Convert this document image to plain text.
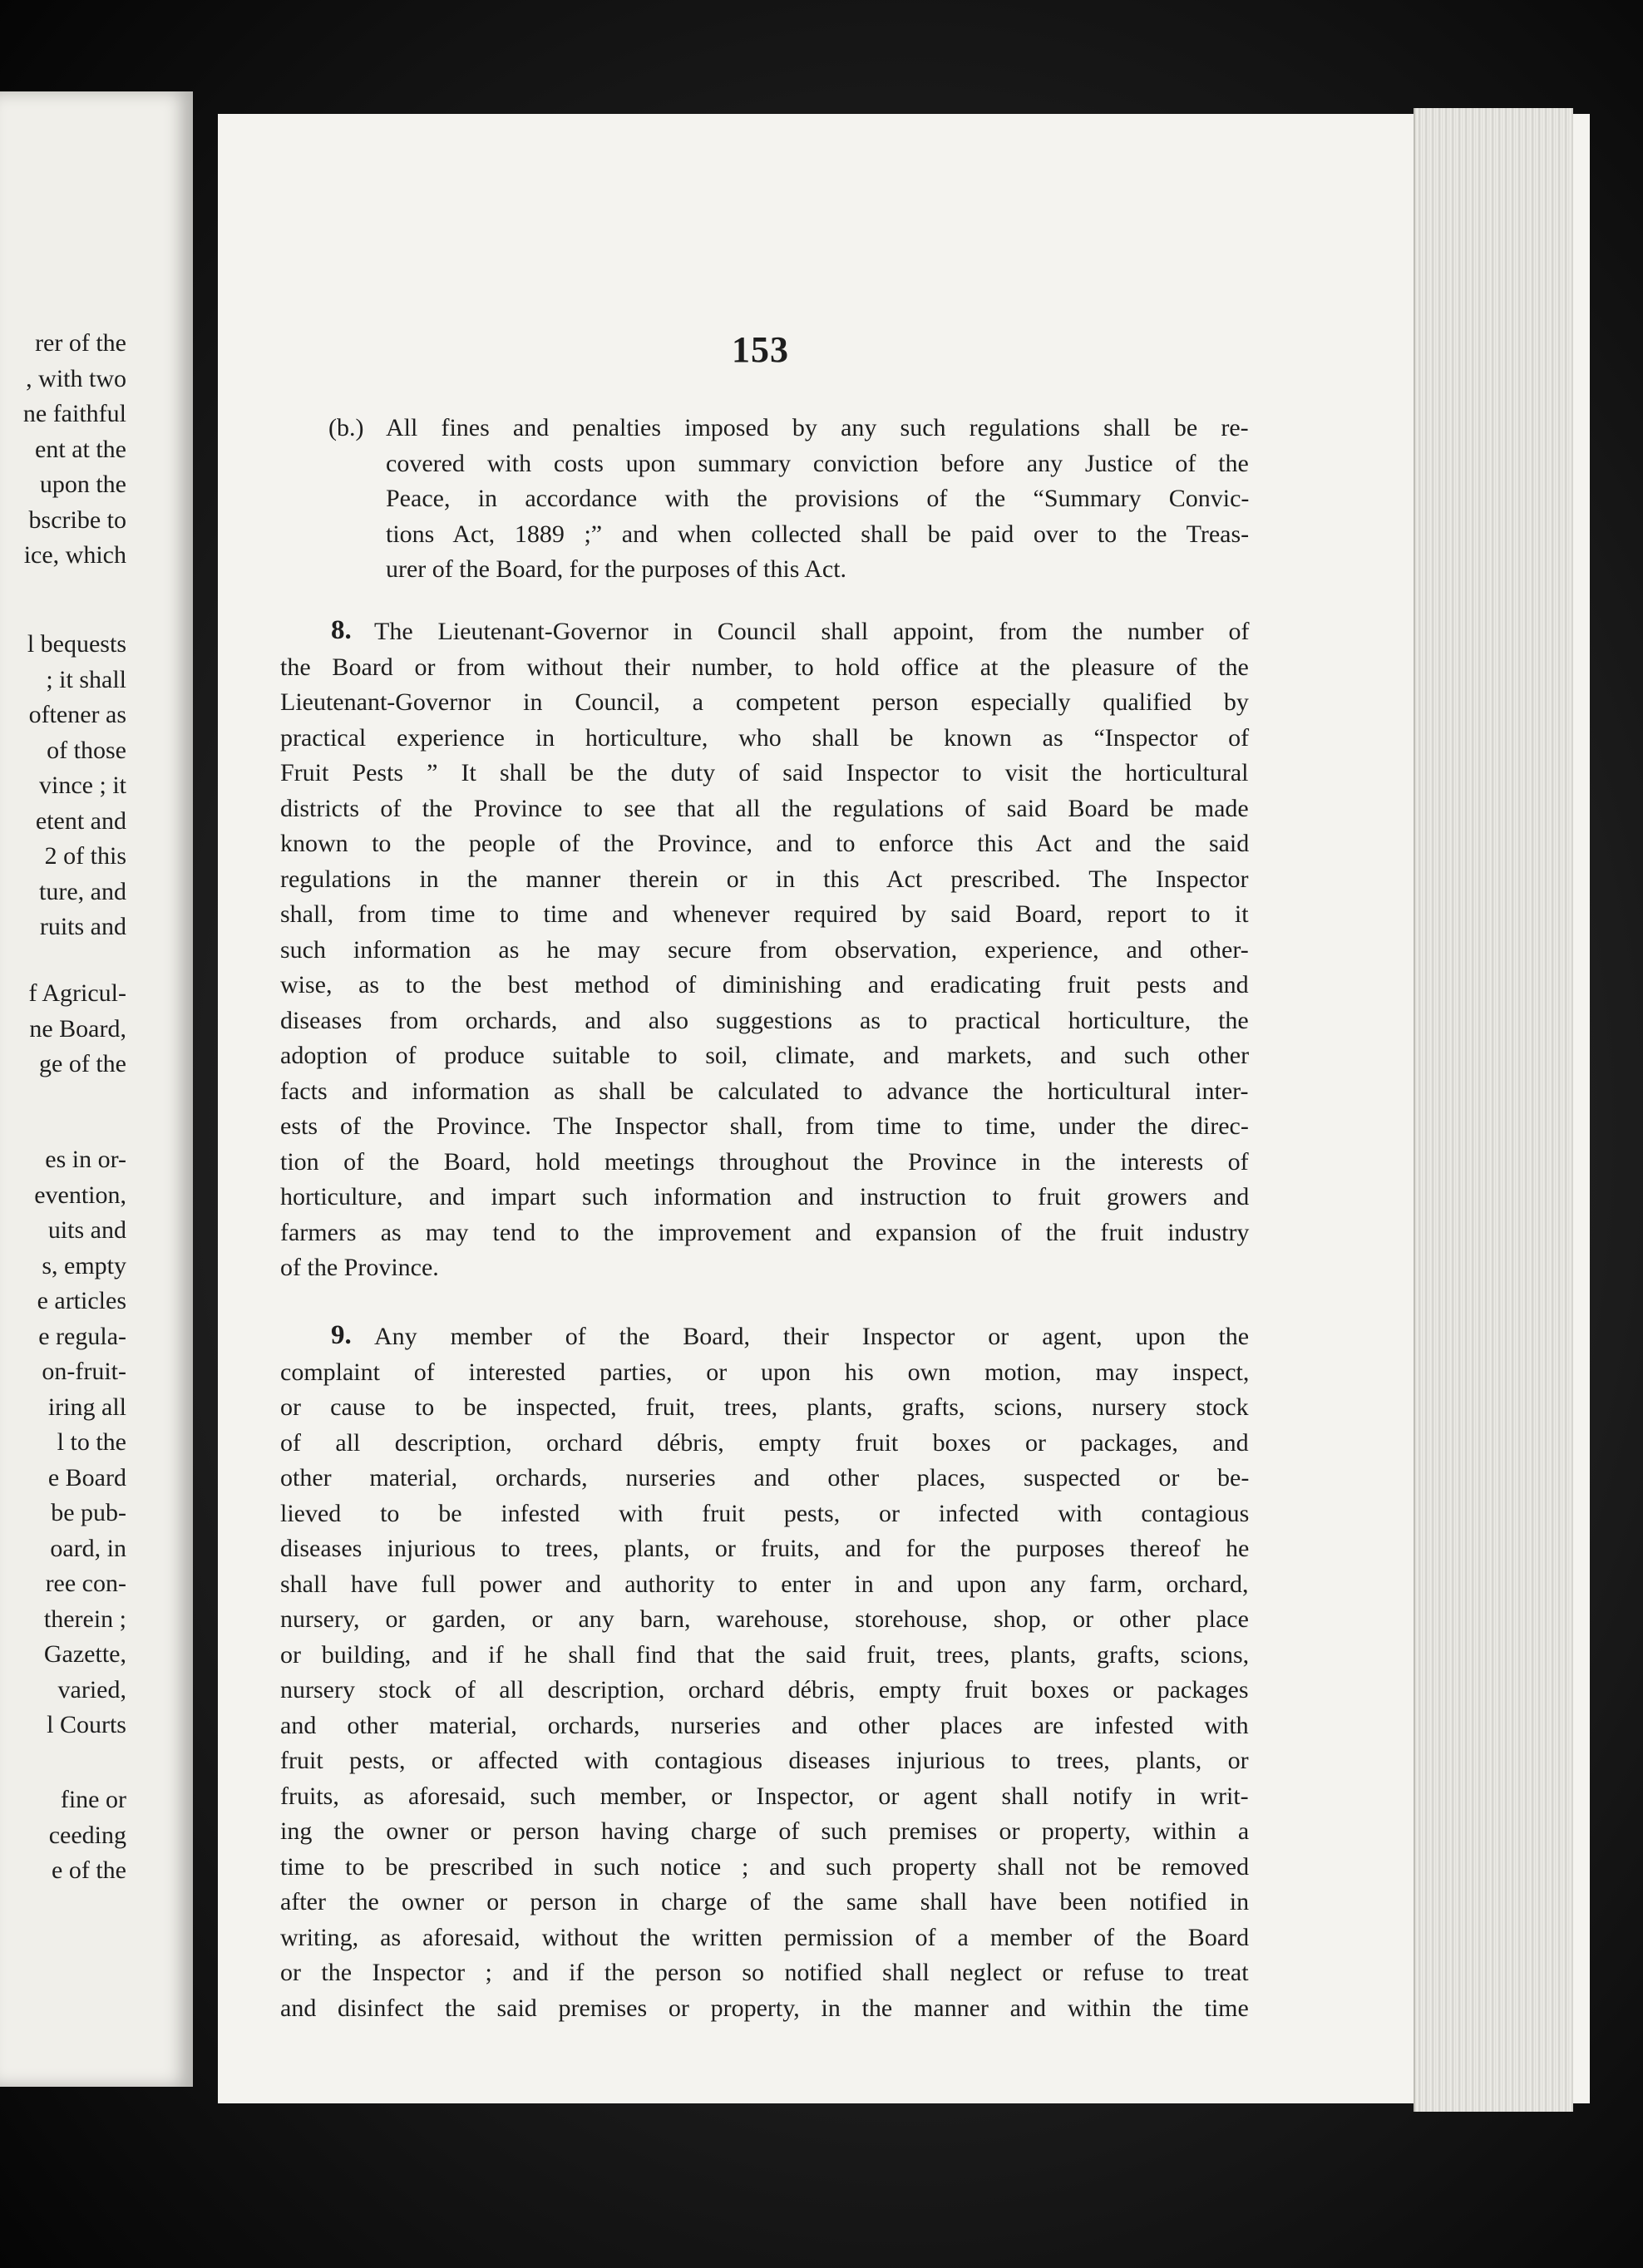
rer of the
, with two
ne faithful
ent at the
upon the
bscribe to
ice, which
l bequests
; it shall
oftener as
of those
vince ; it
etent and
2 of this
ture, and
ruits and
f Agricul-
ne Board,
ge of the
es in or-
evention,
uits and
s, empty
e articles
e regula-
on-fruit-
iring all
l to the
e Board
be pub-
oard, in
ree con-
therein ;
Gazette,
varied,
l Courts
fine or
ceeding
e of the
153
(b.) All fines and penalties imposed by any such regulations shall be re-
covered with costs upon summary conviction before any Justice of the
Peace, in accordance with the provisions of the “Summary Convic-
tions Act, 1889 ;” and when collected shall be paid over to the Treas-
urer of the Board, for the purposes of this Act.
8. The Lieutenant-Governor in Council shall appoint, from the number of
the Board or from without their number, to hold office at the pleasure of the
Lieutenant-Governor in Council, a competent person especially qualified by
practical experience in horticulture, who shall be known as “Inspector of
Fruit Pests ” It shall be the duty of said Inspector to visit the horticultural
districts of the Province to see that all the regulations of said Board be made
known to the people of the Province, and to enforce this Act and the said
regulations in the manner therein or in this Act prescribed. The Inspector
shall, from time to time and whenever required by said Board, report to it
such information as he may secure from observation, experience, and other-
wise, as to the best method of diminishing and eradicating fruit pests and
diseases from orchards, and also suggestions as to practical horticulture, the
adoption of produce suitable to soil, climate, and markets, and such other
facts and information as shall be calculated to advance the horticultural inter-
ests of the Province. The Inspector shall, from time to time, under the direc-
tion of the Board, hold meetings throughout the Province in the interests of
horticulture, and impart such information and instruction to fruit growers and
farmers as may tend to the improvement and expansion of the fruit industry
of the Province.
9. Any member of the Board, their Inspector or agent, upon the
complaint of interested parties, or upon his own motion, may inspect,
or cause to be inspected, fruit, trees, plants, grafts, scions, nursery stock
of all description, orchard débris, empty fruit boxes or packages, and
other material, orchards, nurseries and other places, suspected or be-
lieved to be infested with fruit pests, or infected with contagious
diseases injurious to trees, plants, or fruits, and for the purposes thereof he
shall have full power and authority to enter in and upon any farm, orchard,
nursery, or garden, or any barn, warehouse, storehouse, shop, or other place
or building, and if he shall find that the said fruit, trees, plants, grafts, scions,
nursery stock of all description, orchard débris, empty fruit boxes or packages
and other material, orchards, nurseries and other places are infested with
fruit pests, or affected with contagious diseases injurious to trees, plants, or
fruits, as aforesaid, such member, or Inspector, or agent shall notify in writ-
ing the owner or person having charge of such premises or property, within a
time to be prescribed in such notice ; and such property shall not be removed
after the owner or person in charge of the same shall have been notified in
writing, as aforesaid, without the written permission of a member of the Board
or the Inspector ; and if the person so notified shall neglect or refuse to treat
and disinfect the said premises or property, in the manner and within the time
